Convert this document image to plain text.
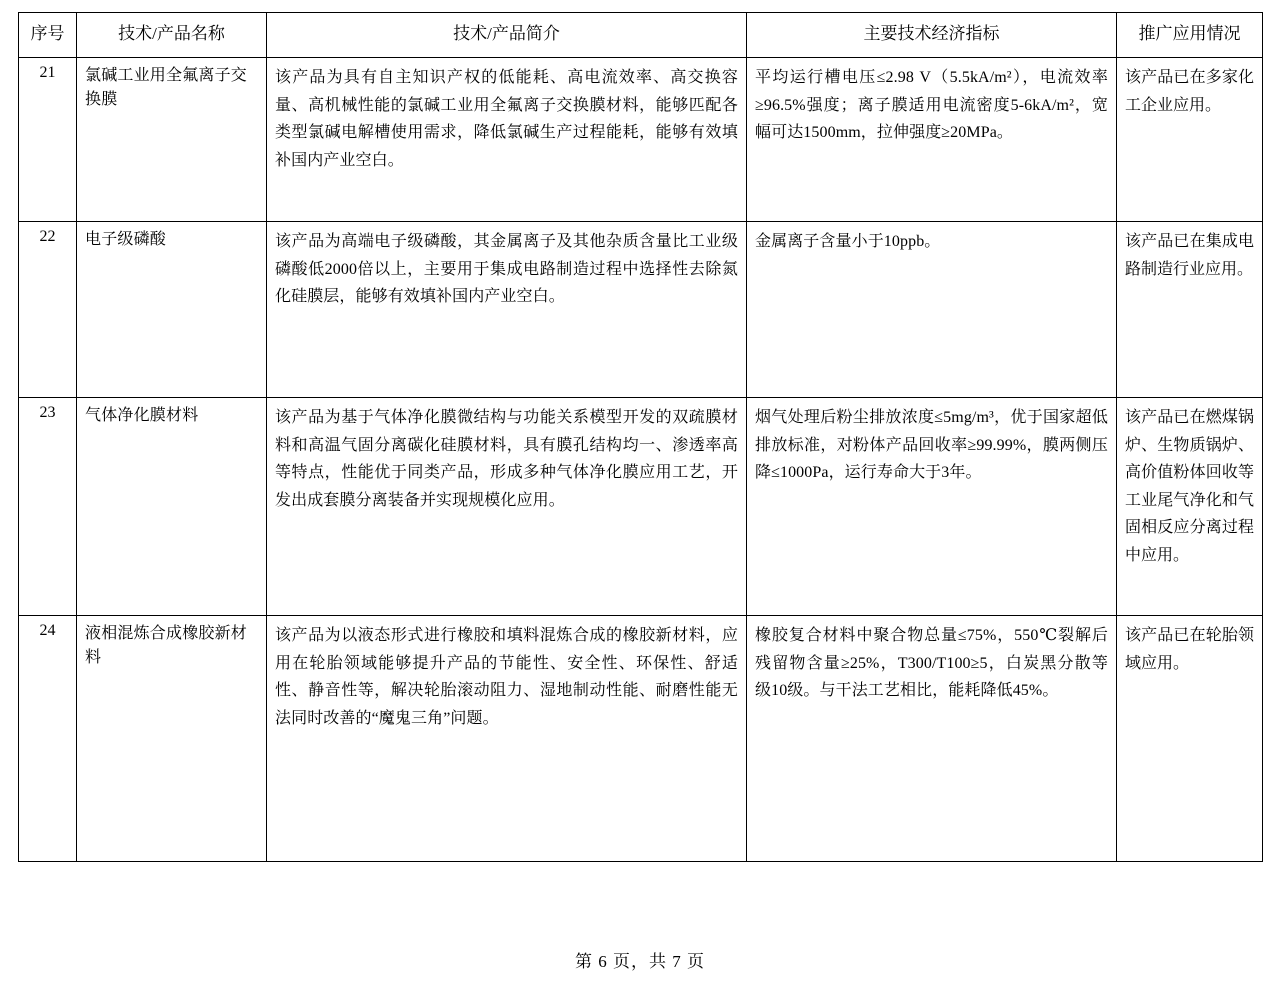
序号	技术/产品名称	技术/产品简介	主要技术经济指标	推广应用情况
21	氯碱工业用全氟离子交换膜	该产品为具有自主知识产权的低能耗、高电流效率、高交换容量、高机械性能的氯碱工业用全氟离子交换膜材料，能够匹配各类型氯碱电解槽使用需求，降低氯碱生产过程能耗，能够有效填补国内产业空白。	平均运行槽电压≤2.98 V（5.5kA/m²），电流效率≥96.5%强度；离子膜适用电流密度5-6kA/m²，宽幅可达1500mm，拉伸强度≥20MPa。	该产品已在多家化工企业应用。
22	电子级磷酸	该产品为高端电子级磷酸，其金属离子及其他杂质含量比工业级磷酸低2000倍以上，主要用于集成电路制造过程中选择性去除氮化硅膜层，能够有效填补国内产业空白。	金属离子含量小于10ppb。	该产品已在集成电路制造行业应用。
23	气体净化膜材料	该产品为基于气体净化膜微结构与功能关系模型开发的双疏膜材料和高温气固分离碳化硅膜材料，具有膜孔结构均一、渗透率高等特点，性能优于同类产品，形成多种气体净化膜应用工艺，开发出成套膜分离装备并实现规模化应用。	烟气处理后粉尘排放浓度≤5mg/m³，优于国家超低排放标准，对粉体产品回收率≥99.99%，膜两侧压降≤1000Pa，运行寿命大于3年。	该产品已在燃煤锅炉、生物质锅炉、高价值粉体回收等工业尾气净化和气固相反应分离过程中应用。
24	液相混炼合成橡胶新材料	该产品为以液态形式进行橡胶和填料混炼合成的橡胶新材料，应用在轮胎领域能够提升产品的节能性、安全性、环保性、舒适性、静音性等，解决轮胎滚动阻力、湿地制动性能、耐磨性能无法同时改善的“魔鬼三角”问题。	橡胶复合材料中聚合物总量≤75%，550℃裂解后残留物含量≥25%，T300/T100≥5，白炭黑分散等级10级。与干法工艺相比，能耗降低45%。	该产品已在轮胎领域应用。
第 6 页，共 7 页
